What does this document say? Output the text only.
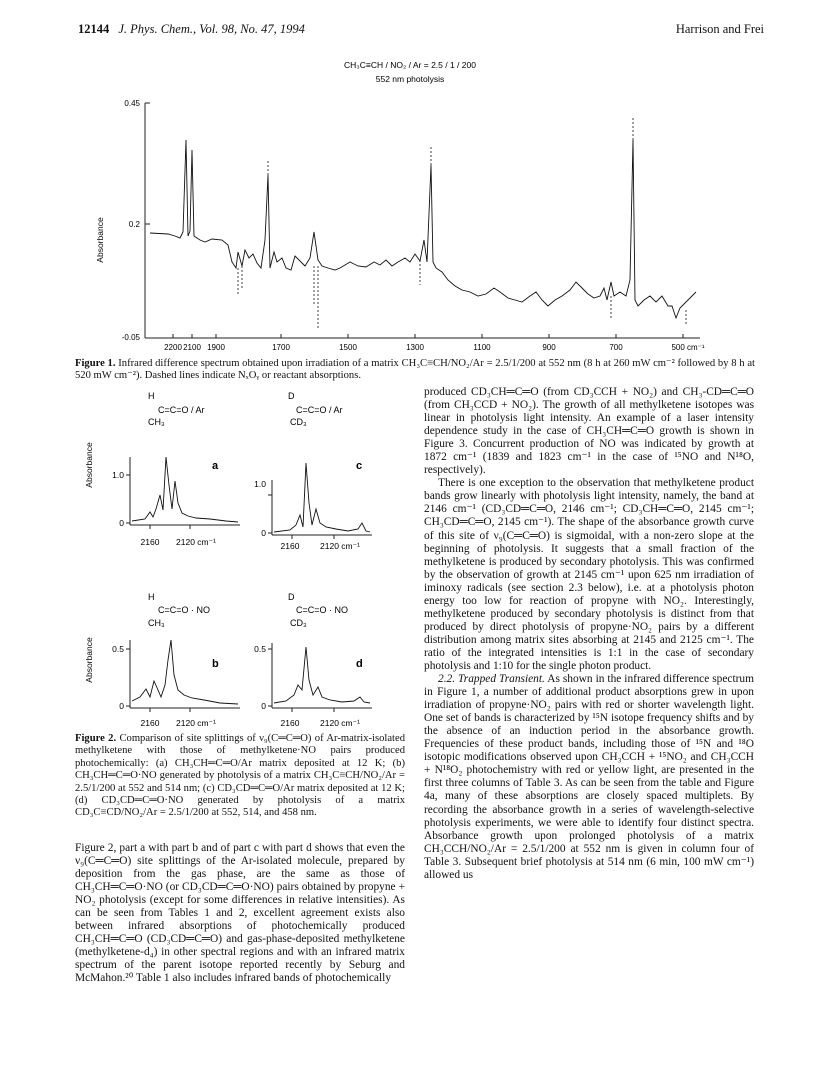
12144 J. Phys. Chem., Vol. 98, No. 47, 1994	Harrison and Frei
CH₃C≡CH / NO₂ / Ar = 2.5 / 1 / 200
552 nm photolysis
0.45
0.2
-0.05
Absorbance
2200 2100 1900	1700	1500	1300	1100	900	700	500 cm⁻¹
Figure 1. Infrared difference spectrum obtained upon irradiation of a matrix CH₃C≡CH/NO₂/Ar = 2.5/1/200 at 552 nm (8 h at 260 mW cm⁻² followed by 8 h at 520 mW cm⁻²). Dashed lines indicate NₓOᵧ or reactant absorptions.
Absorbance
Absorbance
H
C=C=O / Ar
CH₃
a
1.0
0
2160 2120 cm⁻¹
D
C=C=O / Ar
CD₃
c
1.0
0
2160 2120 cm⁻¹
H
C=C=O · NO
CH₃
b
0.5
0
2160 2120 cm⁻¹
D
C=C=O · NO
CD₃
d
0.5
0
2160 2120 cm⁻¹
Figure 2. Comparison of site splittings of ν₉(C═C═O) of Ar-matrix-isolated methylketene with those of methylketene·NO pairs produced photochemically: (a) CH₃CH═C═O/Ar matrix deposited at 12 K; (b) CH₃CH═C═O·NO generated by photolysis of a matrix CH₃C≡CH/NO₂/Ar = 2.5/1/200 at 552 and 514 nm; (c) CD₃CD═C═O/Ar matrix deposited at 12 K; (d) CD₃CD═C═O·NO generated by photolysis of a matrix CD₃C≡CD/NO₂/Ar = 2.5/1/200 at 552, 514, and 458 nm.

Figure 2, part a with part b and of part c with part d shows that even the ν₉(C═C═O) site splittings of the Ar-isolated molecule, prepared by deposition from the gas phase, are the same as those of CH₃CH═C═O·NO (or CD₃CD═C═O·NO) pairs obtained by propyne + NO₂ photolysis (except for some differences in relative intensities). As can be seen from Tables 1 and 2, excellent agreement exists also between infrared absorptions of photochemically produced CH₃CH═C═O (CD₃CD═C═O) and gas-phase-deposited methylketene (methylketene-d₄) in other spectral regions and with an infrared matrix spectrum of the parent isotope reported recently by Seburg and McMahon.²⁰ Table 1 also includes infrared bands of photochemically

produced CD₃CH═C═O (from CD₃CCH + NO₂) and CH₃-CD═C═O (from CH₃CCD + NO₂). The growth of all methylketene isotopes was linear in photolysis light intensity. An example of a laser intensity dependence study in the case of CH₃CH═C═O growth is shown in Figure 3. Concurrent production of NO was indicated by growth at 1872 cm⁻¹ (1839 and 1823 cm⁻¹ in the case of ¹⁵NO and N¹⁸O, respectively).

There is one exception to the observation that methylketene product bands grow linearly with photolysis light intensity, namely, the band at 2146 cm⁻¹ (CD₃CD═C═O, 2146 cm⁻¹; CD₃CH═C═O, 2145 cm⁻¹; CH₃CD═C═O, 2145 cm⁻¹). The shape of the absorbance growth curve of this site of ν₉(C═C═O) is sigmoidal, with a non-zero slope at the beginning of photolysis. It suggests that a small fraction of the methylketene is produced by secondary photolysis. This was confirmed by the observation of growth at 2145 cm⁻¹ upon 625 nm irradiation of iminoxy radicals (see section 2.3 below), i.e. at a photolysis photon energy too low for reaction of propyne with NO₂. Interestingly, methylketene produced by secondary photolysis is distinct from that produced by direct photolysis of propyne·NO₂ pairs by a different distribution among matrix sites absorbing at 2145 and 2125 cm⁻¹. The ratio of the integrated intensities is 1:1 in the case of secondary photolysis and 1:10 for the single photon product.

2.2. Trapped Transient. As shown in the infrared difference spectrum in Figure 1, a number of additional product absorptions grew in upon irradiation of propyne·NO₂ pairs with red or shorter wavelength light. One set of bands is characterized by ¹⁵N isotope frequency shifts and by the absence of an induction period in the absorbance growth. Frequencies of these product bands, including those of ¹⁵N and ¹⁸O isotopic modifications observed upon CH₃CCH + ¹⁵NO₂ and CH₃CCH + N¹⁸O₂ photochemistry with red or yellow light, are presented in the first three columns of Table 3. As can be seen from the table and Figure 4a, many of these absorptions are closely spaced multiplets. By recording the absorbance growth in a series of wavelength-selective photolysis experiments, we were able to identify four distinct spectra. Absorbance growth upon prolonged photolysis of a matrix CH₃CCH/NO₂/Ar = 2.5/1/200 at 552 nm is given in column four of Table 3. Subsequent brief photolysis at 514 nm (6 min, 100 mW cm⁻¹) allowed us
